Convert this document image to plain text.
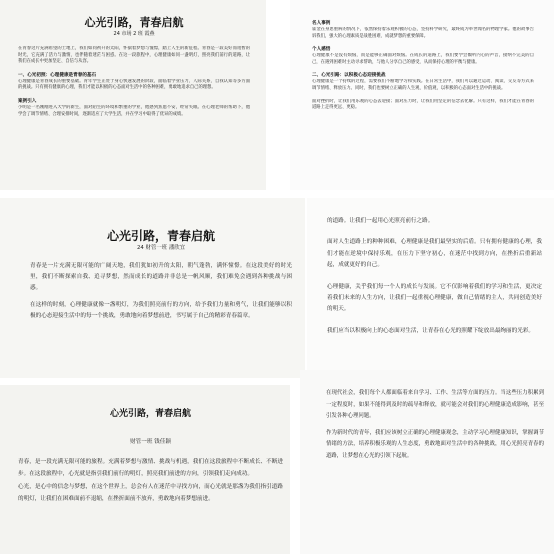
心光引路，青春启航

24 市场 2 班 霞燕

在青春这片充满希望的土地上，我们如同初升的太阳，怀揣着梦想与憧憬，踏上人生的新征程。青春是一段美好而短暂的时光，它充满了活力与激情，也伴随着迷茫与困惑。在这一段旅程中，心理健康如同一盏明灯，照亮我们前行的道路，让我们在成长中更加坚定、自信与从容。

一、心光初照：心理健康是青春的基石

心理健康是青春成长的重要基础。青年学生正处于身心快速发展的阶段，面临着学业压力、人际关系、自我认知等多方面的挑战。只有拥有健康的心理，我们才能以积极的心态面对生活中的各种困难，勇敢地追求自己的理想。

案例引入

小明是一名刚刚进入大学的新生，面对陌生的环境和繁重的学业，他感到焦虑不安，经常失眠。在心理老师的帮助下，他学会了调节情绪、合理安排时间，逐渐适应了大学生活，并在学习中取得了优异的成绩。

名人事例

霍金在身患重病的情况下，依然保持着乐观积极的心态，坚持科学研究，最终成为举世闻名的物理学家。他的故事告诉我们，强大的心理素质是战胜困难、成就梦想的重要保障。

个人感悟

心理健康不是没有烦恼，而是能够正确面对烦恼。在成长的道路上，我们要学会倾听内心的声音，接纳不完美的自己，在遇到困难时主动寻求帮助，与他人分享自己的感受，从而保持心理的平衡与健康。

二、心光引路：以积极心态迎接挑战

心理健康是一个持续的过程，需要我们不断地学习和实践。在日常生活中，我们可以通过运动、阅读、交友等方式来调节情绪、释放压力。同时，我们也要树立正确的人生观、价值观，以积极的心态面对生活中的挑战。

面对挫折时，让我们用乐观的心态去迎接；面对压力时，让我们用坚定的信念去化解。只有这样，我们才能在青春的道路上走得更远、更稳。

心光引路，青春启航

24 财管一班 潘欣宜

青春是一片充满无限可能的广阔天地，我们犹如初升的太阳，朝气蓬勃，满怀憧憬。在这段美好的时光里，我们不断探索自我、追寻梦想，然而成长的道路并非总是一帆风顺，我们难免会遇到各种挑战与困惑。

在这样的时刻，心理健康就像一盏明灯，为我们照亮前行的方向，给予我们力量和勇气，让我们能够以积极的心态迎接生活中的每一个挑战，勇敢地向着梦想前进，书写属于自己的精彩青春篇章。

的道路。让我们一起用心光照亮前行之路。

面对人生道路上的种种困难，心理健康是我们最坚实的后盾。只有拥有健康的心理，我们才能在逆境中保持乐观，在压力下坚守初心，在迷茫中找到方向，在挫折后重新站起，成就更好的自己。

心理健康，关乎我们每一个人的成长与发展。它不仅影响着我们的学习和生活，更决定着我们未来的人生方向，让我们一起重视心理健康，做自己情绪的主人，共同创造美好的明天。

我们应当以积极向上的心态面对生活，让青春在心光的照耀下绽放出最绚丽的光彩。

心光引路，青春启航

财管一班 钱佳颖

青春，是一段充满无限可能的旅程。充满着梦想与激情、挑战与机遇，我们在这段旅程中不断成长、不断进步。在这段旅程中，心光就是指引我们前行的明灯，照亮我们前进的方向，引领我们走向成功。

心光，是心中的信念与梦想，在这个世界上，总会有人在迷茫中寻找方向，而心光就是那盏为我们指引道路的明灯，让我们在困难面前不退缩，在挫折面前不放弃，勇敢地向着梦想前进。

在现代社会，我们每个人都面临着来自学习、工作、生活等方面的压力。当这些压力积累到一定程度时，如果不能得到及时的疏导和释放，就可能会对我们的心理健康造成影响，甚至引发各种心理问题。

作为新时代的青年，我们应该树立正确的心理健康观念，主动学习心理健康知识，掌握调节情绪的方法，培养积极乐观的人生态度，勇敢地面对生活中的各种挑战，用心光照亮青春的道路，让梦想在心光的引领下起航。
